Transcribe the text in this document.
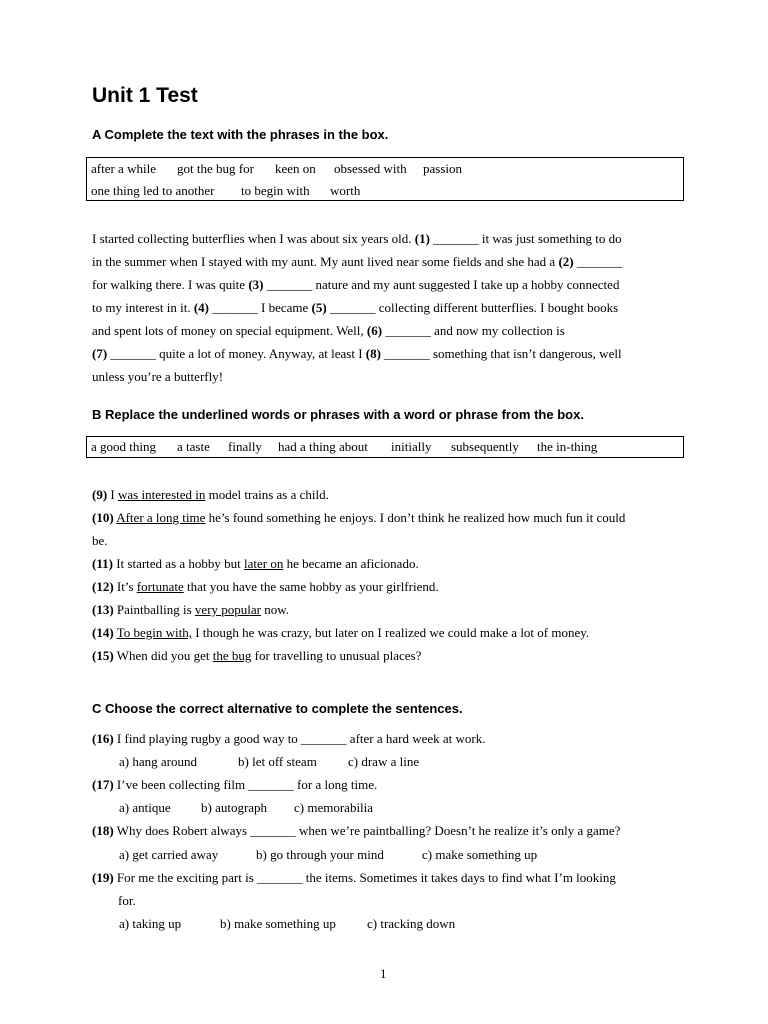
Unit 1 Test
A Complete the text with the phrases in the box.
after a while got the bug for keen on obsessed with passion
one thing led to another to begin with worth
I started collecting butterflies when I was about six years old. (1) _______ it was just something to do
in the summer when I stayed with my aunt. My aunt lived near some fields and she had a (2) _______
for walking there. I was quite (3) _______ nature and my aunt suggested I take up a hobby connected
to my interest in it. (4) _______ I became (5) _______ collecting different butterflies. I bought books
and spent lots of money on special equipment. Well, (6) _______ and now my collection is
(7) _______ quite a lot of money. Anyway, at least I (8) _______ something that isn’t dangerous, well
unless you’re a butterfly!
B Replace the underlined words or phrases with a word or phrase from the box.
a good thing a taste finally had a thing about initially subsequently the in-thing
(9) I was interested in model trains as a child.
(10) After a long time he’s found something he enjoys. I don’t think he realized how much fun it could
be.
(11) It started as a hobby but later on he became an aficionado.
(12) It’s fortunate that you have the same hobby as your girlfriend.
(13) Paintballing is very popular now.
(14) To begin with, I though he was crazy, but later on I realized we could make a lot of money.
(15) When did you get the bug for travelling to unusual places?
C Choose the correct alternative to complete the sentences.
(16) I find playing rugby a good way to _______ after a hard week at work.
a) hang around	b) let off steam c) draw a line
(17) I’ve been collecting film _______ for a long time.
a) antique b) autograph c) memorabilia
(18) Why does Robert always _______ when we’re paintballing? Doesn’t he realize it’s only a game?
a) get carried away	b) go through your mind	c) make something up
(19) For me the exciting part is _______ the items. Sometimes it takes days to find what I’m looking
for.
a) taking up	b) make something up c) tracking down
1
